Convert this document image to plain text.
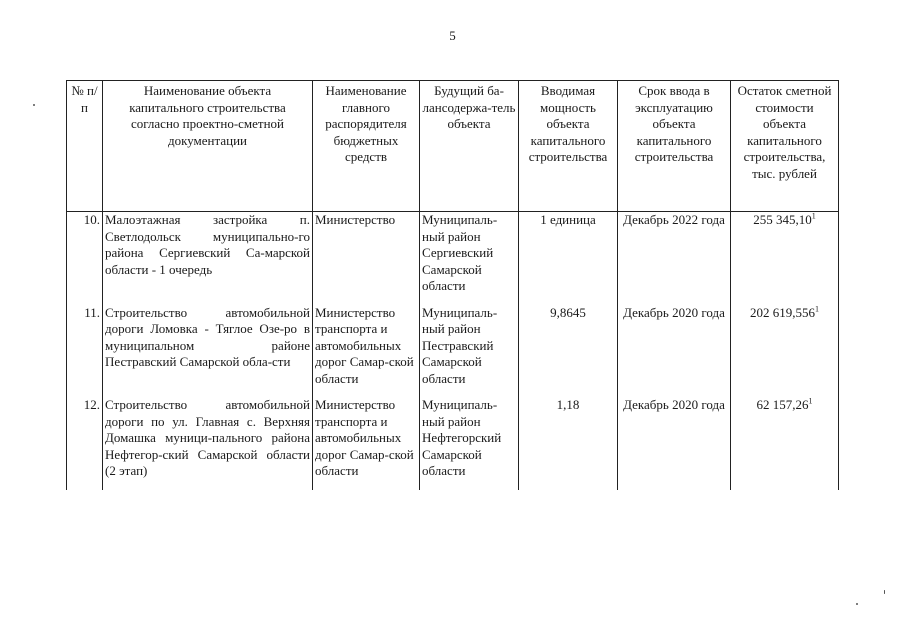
5
№ п/п	Наименование объекта капитального строительства согласно проектно-сметной документации	Наименование главного распорядителя бюджетных средств	Будущий ба-лансодержа-тель объекта	Вводимая мощность объекта капитального строительства	Срок ввода в эксплуатацию объекта капитального строительства	Остаток сметной стоимости объекта капитального строительства, тыс. рублей
10.	Малоэтажная застройка п. Светлодольск муниципально-го района Сергиевский Са-марской области - 1 очередь	Министерство	Муниципаль-ный район Сергиевский Самарской области	1 единица	Декабрь 2022 года	255 345,10$^1$
11.	Строительство автомобильной дороги Ломовка - Тяглое Озе-ро в муниципальном районе Пестравский Самарской обла-сти	Министерство транспорта и автомобильных дорог Самар-ской области	Муниципаль-ный район Пестравский Самарской области	9,8645	Декабрь 2020 года	202 619,556$^1$
12.	Строительство автомобильной дороги по ул. Главная с. Верхняя Домашка муници-пального района Нефтегор-ский Самарской области (2 этап)	Министерство транспорта и автомобильных дорог Самар-ской области	Муниципаль-ный район Нефтегорский Самарской области	1,18	Декабрь 2020 года	62 157,26$^1$
